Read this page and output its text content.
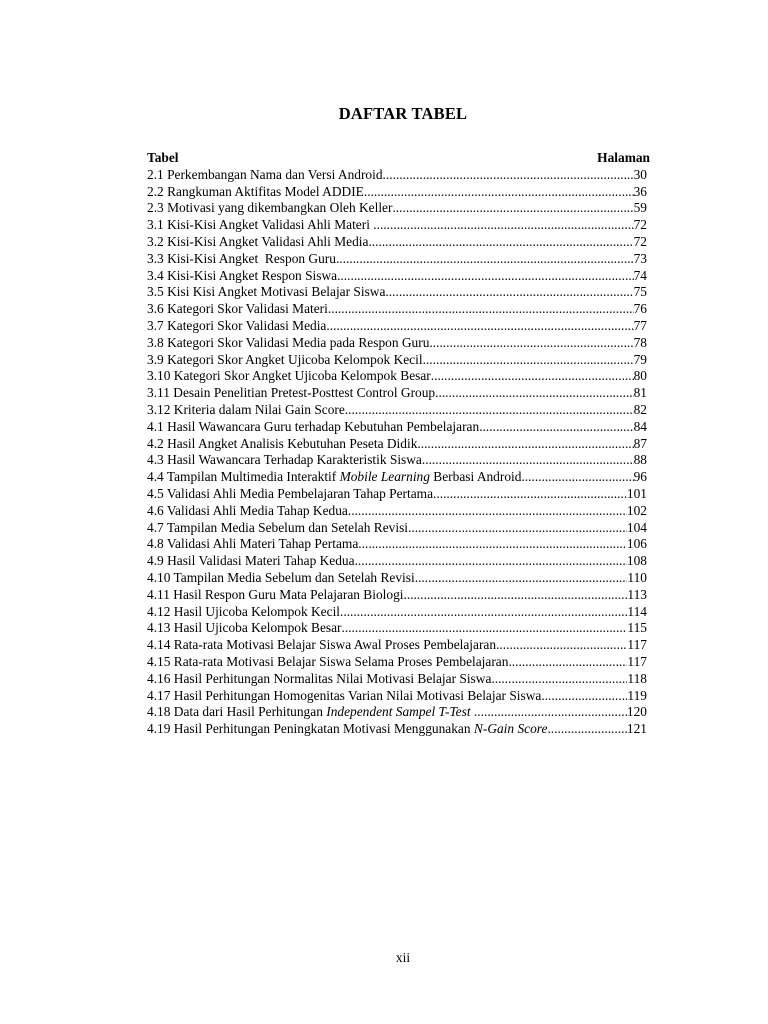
DAFTAR TABEL
Tabel	Halaman
2.1 Perkembangan Nama dan Versi Android .....	30
2.2 Rangkuman Aktifitas Model ADDIE .....	36
2.3 Motivasi yang dikembangkan Oleh Keller .....	59
3.1 Kisi-Kisi Angket Validasi Ahli Materi .....	72
3.2 Kisi-Kisi Angket Validasi Ahli Media .....	72
3.3 Kisi-Kisi Angket  Respon Guru .....	73
3.4 Kisi-Kisi Angket Respon Siswa .....	74
3.5 Kisi Kisi Angket Motivasi Belajar Siswa .....	75
3.6 Kategori Skor Validasi Materi .....	76
3.7 Kategori Skor Validasi Media .....	77
3.8 Kategori Skor Validasi Media pada Respon Guru .....	78
3.9 Kategori Skor Angket Ujicoba Kelompok Kecil .....	79
3.10 Kategori Skor Angket Ujicoba Kelompok Besar .....	80
3.11 Desain Penelitian Pretest-Posttest Control Group .....	81
3.12 Kriteria dalam Nilai Gain Score .....	82
4.1 Hasil Wawancara Guru terhadap Kebutuhan Pembelajaran .....	84
4.2 Hasil Angket Analisis Kebutuhan Peseta Didik .....	87
4.3 Hasil Wawancara Terhadap Karakteristik Siswa .....	88
4.4 Tampilan Multimedia Interaktif Mobile Learning Berbasi Android .....	96
4.5 Validasi Ahli Media Pembelajaran Tahap Pertama .....	101
4.6 Validasi Ahli Media Tahap Kedua .....	102
4.7 Tampilan Media Sebelum dan Setelah Revisi .....	104
4.8 Validasi Ahli Materi Tahap Pertama .....	106
4.9 Hasil Validasi Materi Tahap Kedua .....	108
4.10 Tampilan Media Sebelum dan Setelah Revisi .....	110
4.11 Hasil Respon Guru Mata Pelajaran Biologi .....	113
4.12 Hasil Ujicoba Kelompok Kecil .....	114
4.13 Hasil Ujicoba Kelompok Besar .....	115
4.14 Rata-rata Motivasi Belajar Siswa Awal Proses Pembelajaran .....	117
4.15 Rata-rata Motivasi Belajar Siswa Selama Proses Pembelajaran .....	117
4.16 Hasil Perhitungan Normalitas Nilai Motivasi Belajar Siswa .....	118
4.17 Hasil Perhitungan Homogenitas Varian Nilai Motivasi Belajar Siswa .....	119
4.18 Data dari Hasil Perhitungan Independent Sampel T-Test .....	120
4.19 Hasil Perhitungan Peningkatan Motivasi Menggunakan N-Gain Score .....	121
xii
